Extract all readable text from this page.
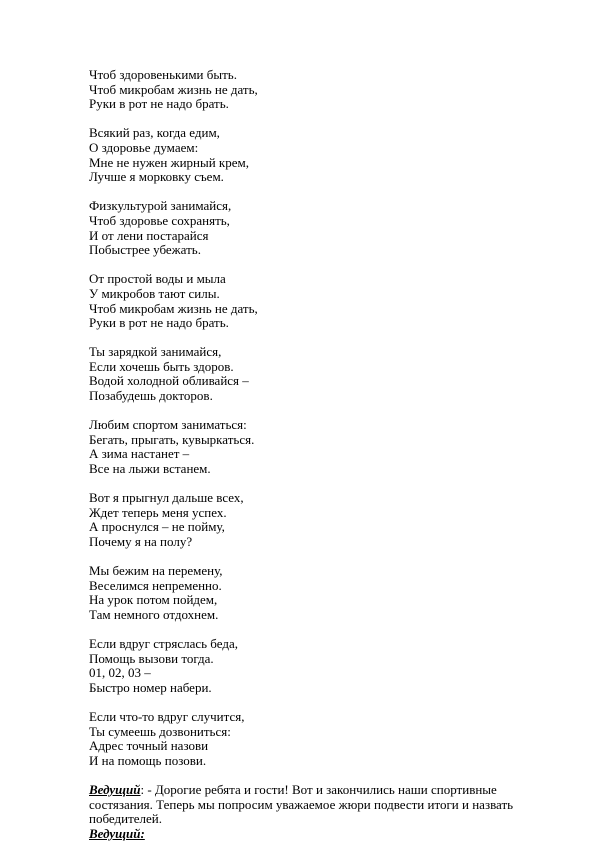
Чтоб здоровенькими быть.
Чтоб микробам жизнь не дать,
Руки в рот не надо брать.
Всякий раз, когда едим,
О здоровье думаем:
Мне не нужен жирный крем,
Лучше я морковку съем.
Физкультурой занимайся,
Чтоб здоровье сохранять,
И от лени постарайся
Побыстрее убежать.
От простой воды и мыла
У микробов тают силы.
Чтоб микробам жизнь не дать,
Руки в рот не надо брать.
Ты зарядкой занимайся,
Если хочешь быть здоров.
Водой холодной обливайся –
Позабудешь докторов.
Любим спортом заниматься:
Бегать, прыгать, кувыркаться.
А зима настанет –
Все на лыжи встанем.
Вот я прыгнул дальше всех,
Ждет теперь меня успех.
А проснулся – не пойму,
Почему я на полу?
Мы бежим на перемену,
Веселимся непременно.
На урок потом пойдем,
Там немного отдохнем.
Если вдруг стряслась беда,
Помощь вызови тогда.
01, 02, 03 –
Быстро номер набери.
Если что-то вдруг случится,
Ты сумеешь дозвониться:
Адрес точный назови
И на помощь позови.

Ведущий: - Дорогие ребята и гости! Вот и закончились наши спортивные состязания. Теперь мы попросим уважаемое жюри подвести итоги и назвать победителей.

Ведущий:
